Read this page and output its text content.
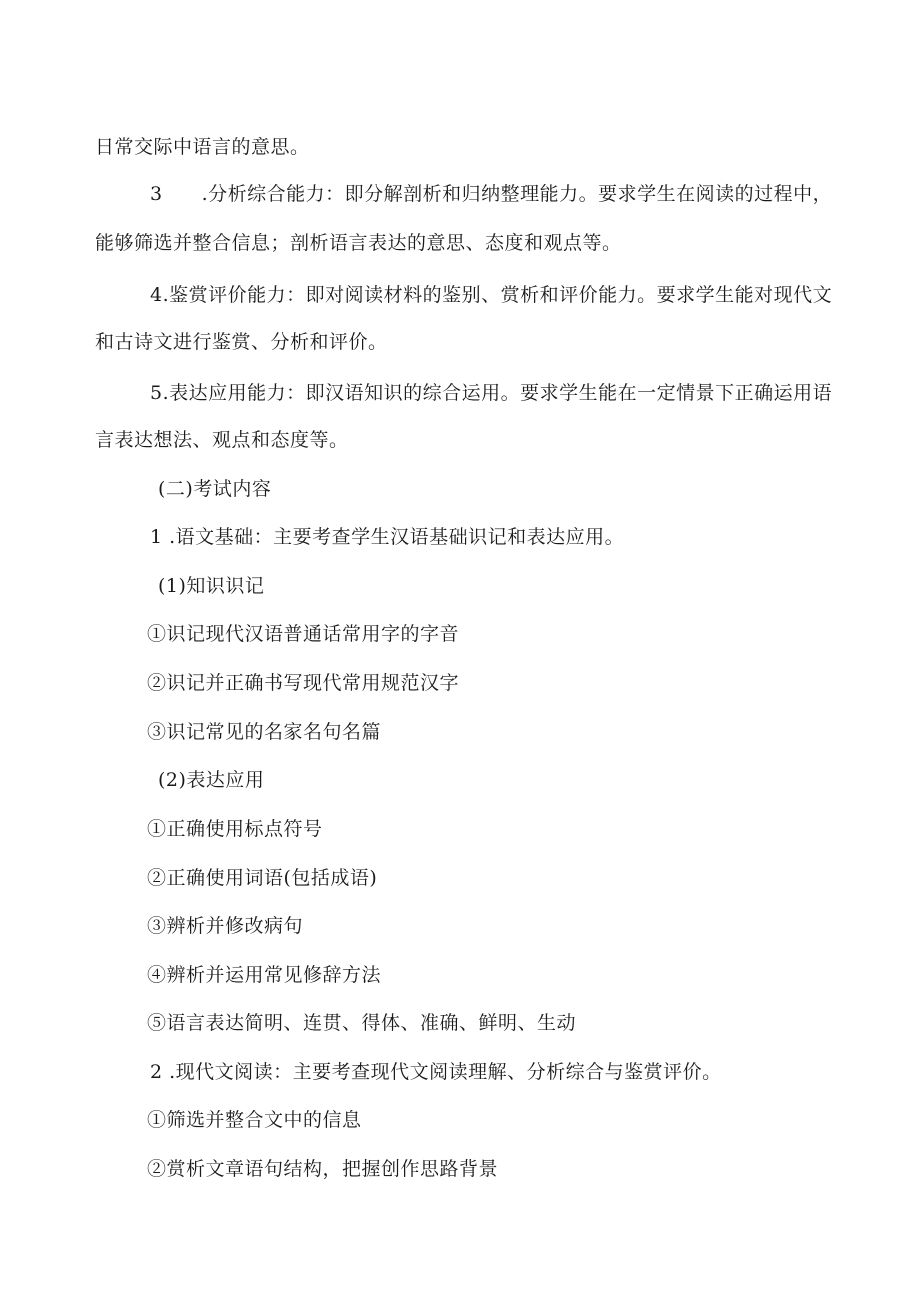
日常交际中语言的意思。
3　　.分析综合能力：即分解剖析和归纳整理能力。要求学生在阅读的过程中，
能够筛选并整合信息；剖析语言表达的意思、态度和观点等。
4.鉴赏评价能力：即对阅读材料的鉴别、赏析和评价能力。要求学生能对现代文
和古诗文进行鉴赏、分析和评价。
5.表达应用能力：即汉语知识的综合运用。要求学生能在一定情景下正确运用语
言表达想法、观点和态度等。
(二)考试内容
1 .语文基础：主要考查学生汉语基础识记和表达应用。
(1)知识识记
①识记现代汉语普通话常用字的字音
②识记并正确书写现代常用规范汉字
③识记常见的名家名句名篇
(2)表达应用
①正确使用标点符号
②正确使用词语(包括成语)
③辨析并修改病句
④辨析并运用常见修辞方法
⑤语言表达简明、连贯、得体、准确、鲜明、生动
2 .现代文阅读：主要考查现代文阅读理解、分析综合与鉴赏评价。
①筛选并整合文中的信息
②赏析文章语句结构，把握创作思路背景
